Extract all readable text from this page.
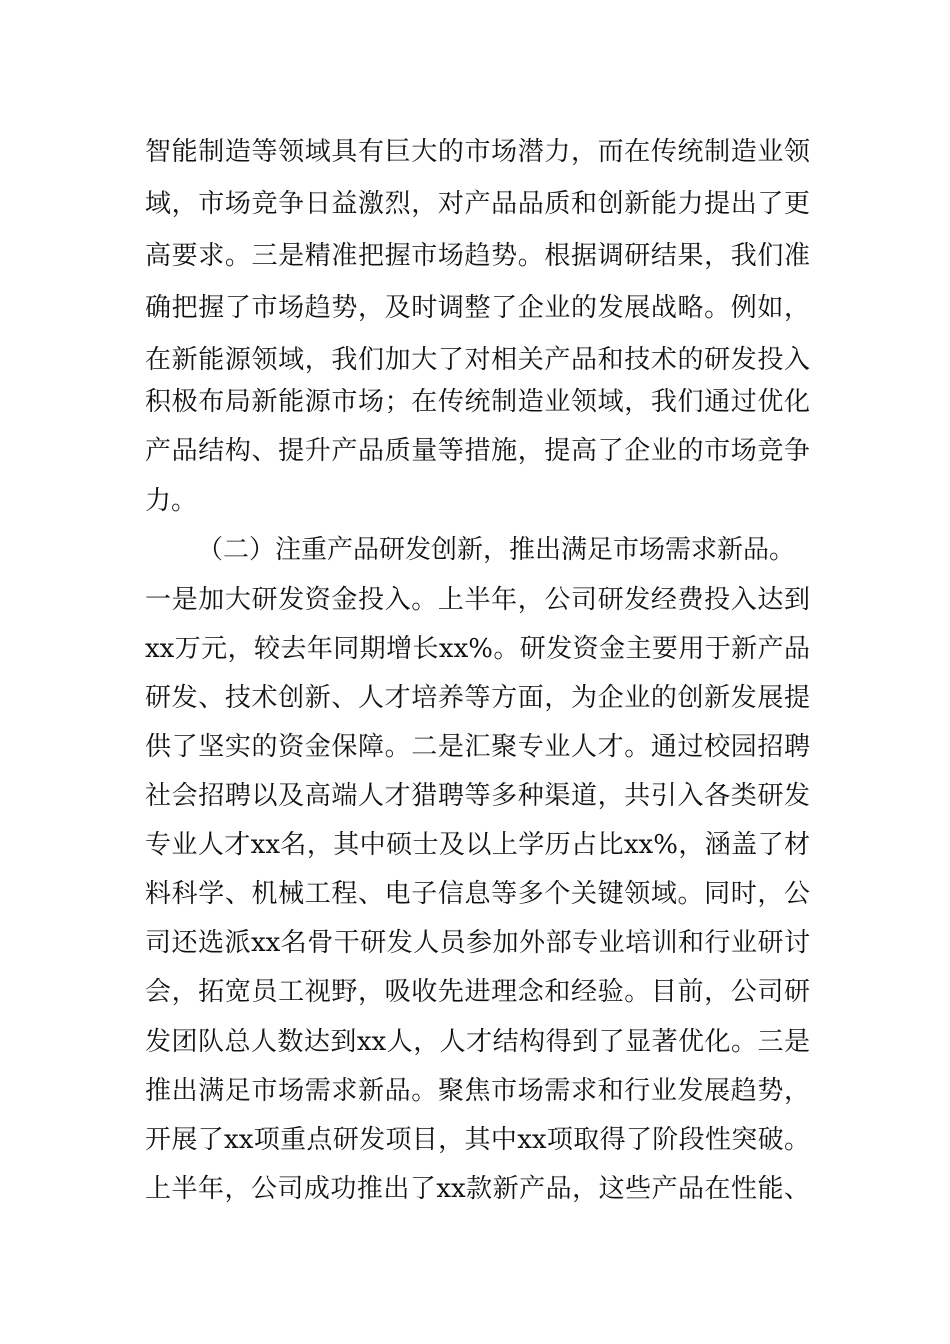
智能制造等领域具有巨大的市场潜力，而在传统制造业领
域，市场竞争日益激烈，对产品品质和创新能力提出了更
高要求。三是精准把握市场趋势。根据调研结果，我们准
确把握了市场趋势，及时调整了企业的发展战略。例如，
在新能源领域，我们加大了对相关产品和技术的研发投入
积极布局新能源市场；在传统制造业领域，我们通过优化
产品结构、提升产品质量等措施，提高了企业的市场竞争
力。
（二）注重产品研发创新，推出满足市场需求新品。
一是加大研发资金投入。上半年，公司研发经费投入达到
xx万元，较去年同期增长xx%。研发资金主要用于新产品
研发、技术创新、人才培养等方面，为企业的创新发展提
供了坚实的资金保障。二是汇聚专业人才。通过校园招聘
社会招聘以及高端人才猎聘等多种渠道，共引入各类研发
专业人才xx名，其中硕士及以上学历占比xx%，涵盖了材
料科学、机械工程、电子信息等多个关键领域。同时，公
司还选派xx名骨干研发人员参加外部专业培训和行业研讨
会，拓宽员工视野，吸收先进理念和经验。目前，公司研
发团队总人数达到xx人，人才结构得到了显著优化。三是
推出满足市场需求新品。聚焦市场需求和行业发展趋势，
开展了xx项重点研发项目，其中xx项取得了阶段性突破。
上半年，公司成功推出了xx款新产品，这些产品在性能、
